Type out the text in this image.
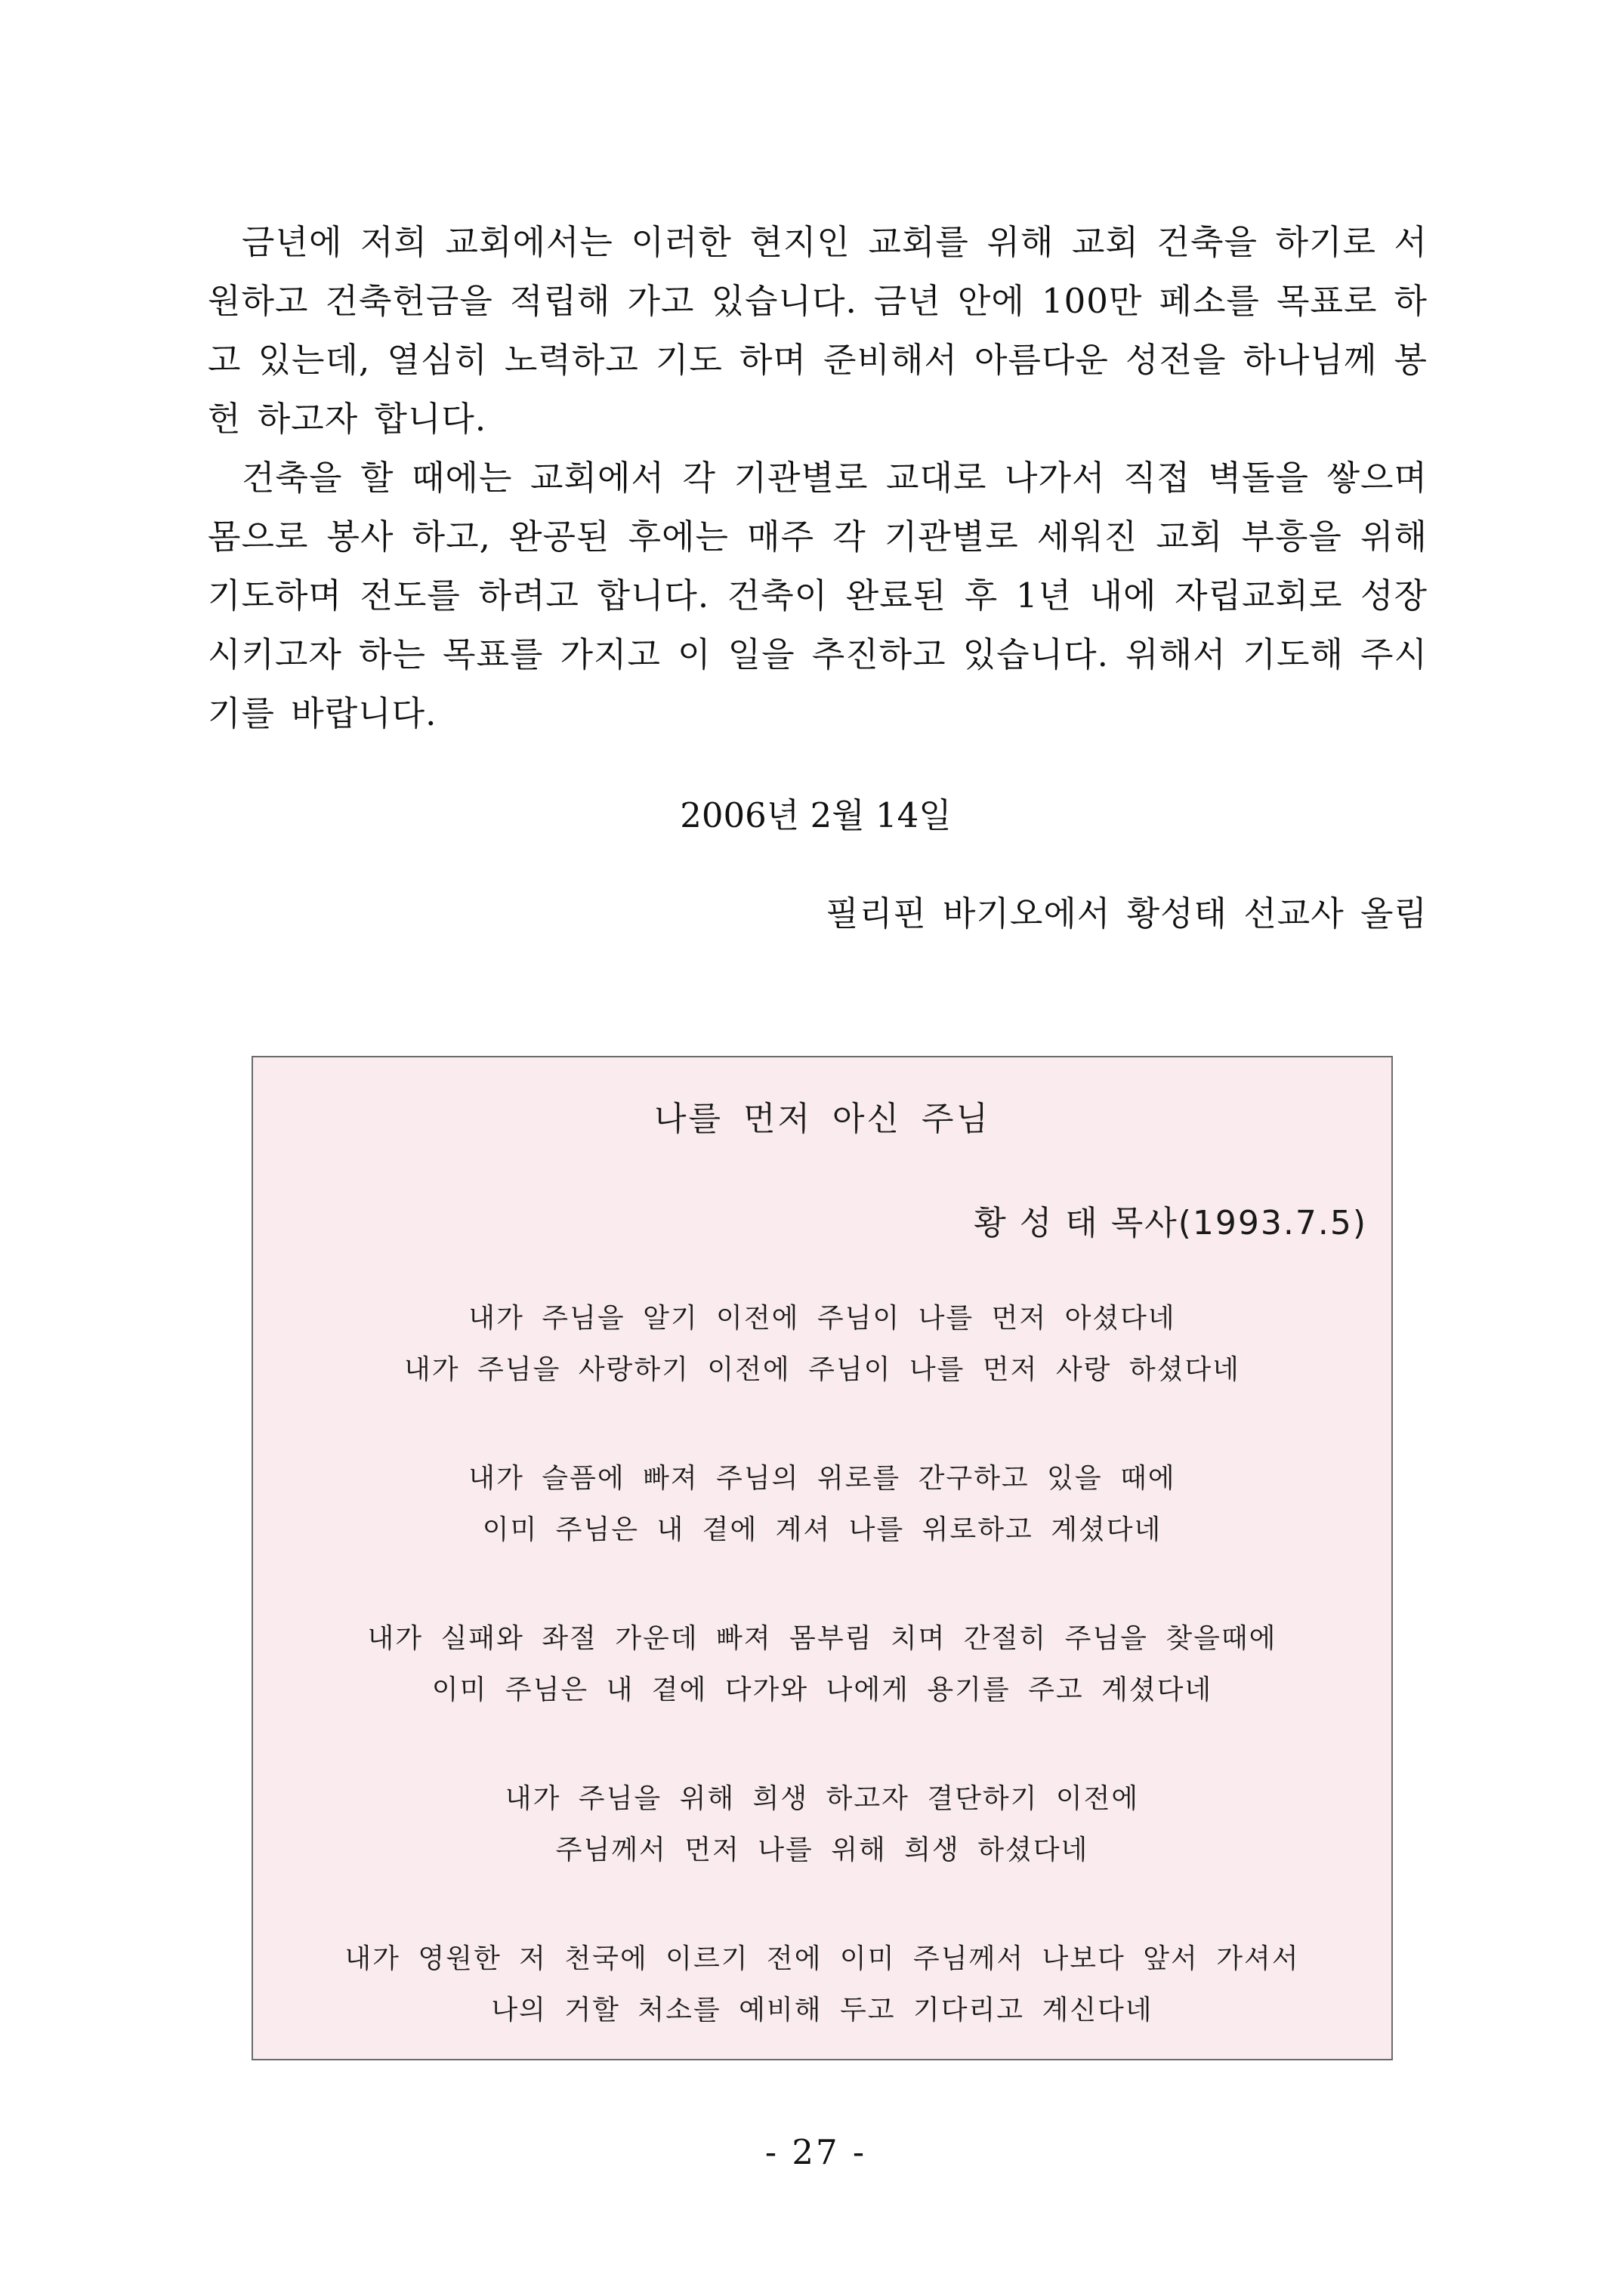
금년에 저희 교회에서는 이러한 현지인 교회를 위해 교회 건축을 하기로 서원하고 건축헌금을 적립해 가고 있습니다. 금년 안에 100만 페소를 목표로 하고 있는데, 열심히 노력하고 기도 하며 준비해서 아름다운 성전을 하나님께 봉헌 하고자 합니다.

건축을 할 때에는 교회에서 각 기관별로 교대로 나가서 직접 벽돌을 쌓으며 몸으로 봉사 하고, 완공된 후에는 매주 각 기관별로 세워진 교회 부흥을 위해 기도하며 전도를 하려고 합니다. 건축이 완료된 후 1년 내에 자립교회로 성장시키고자 하는 목표를 가지고 이 일을 추진하고 있습니다. 위해서 기도해 주시기를 바랍니다.

2006년 2월 14일
필리핀 바기오에서 황성태 선교사 올림
나를 먼저 아신 주님
황 성 태 목사(1993.7.5)

내가 주님을 알기 이전에 주님이 나를 먼저 아셨다네
내가 주님을 사랑하기 이전에 주님이 나를 먼저 사랑 하셨다네

내가 슬픔에 빠져 주님의 위로를 간구하고 있을 때에
이미 주님은 내 곁에 계셔 나를 위로하고 계셨다네

내가 실패와 좌절 가운데 빠져 몸부림 치며 간절히 주님을 찾을때에
이미 주님은 내 곁에 다가와 나에게 용기를 주고 계셨다네

내가 주님을 위해 희생 하고자 결단하기 이전에
주님께서 먼저 나를 위해 희생 하셨다네

내가 영원한 저 천국에 이르기 전에 이미 주님께서 나보다 앞서 가셔서
나의 거할 처소를 예비해 두고 기다리고 계신다네

- 27 -
